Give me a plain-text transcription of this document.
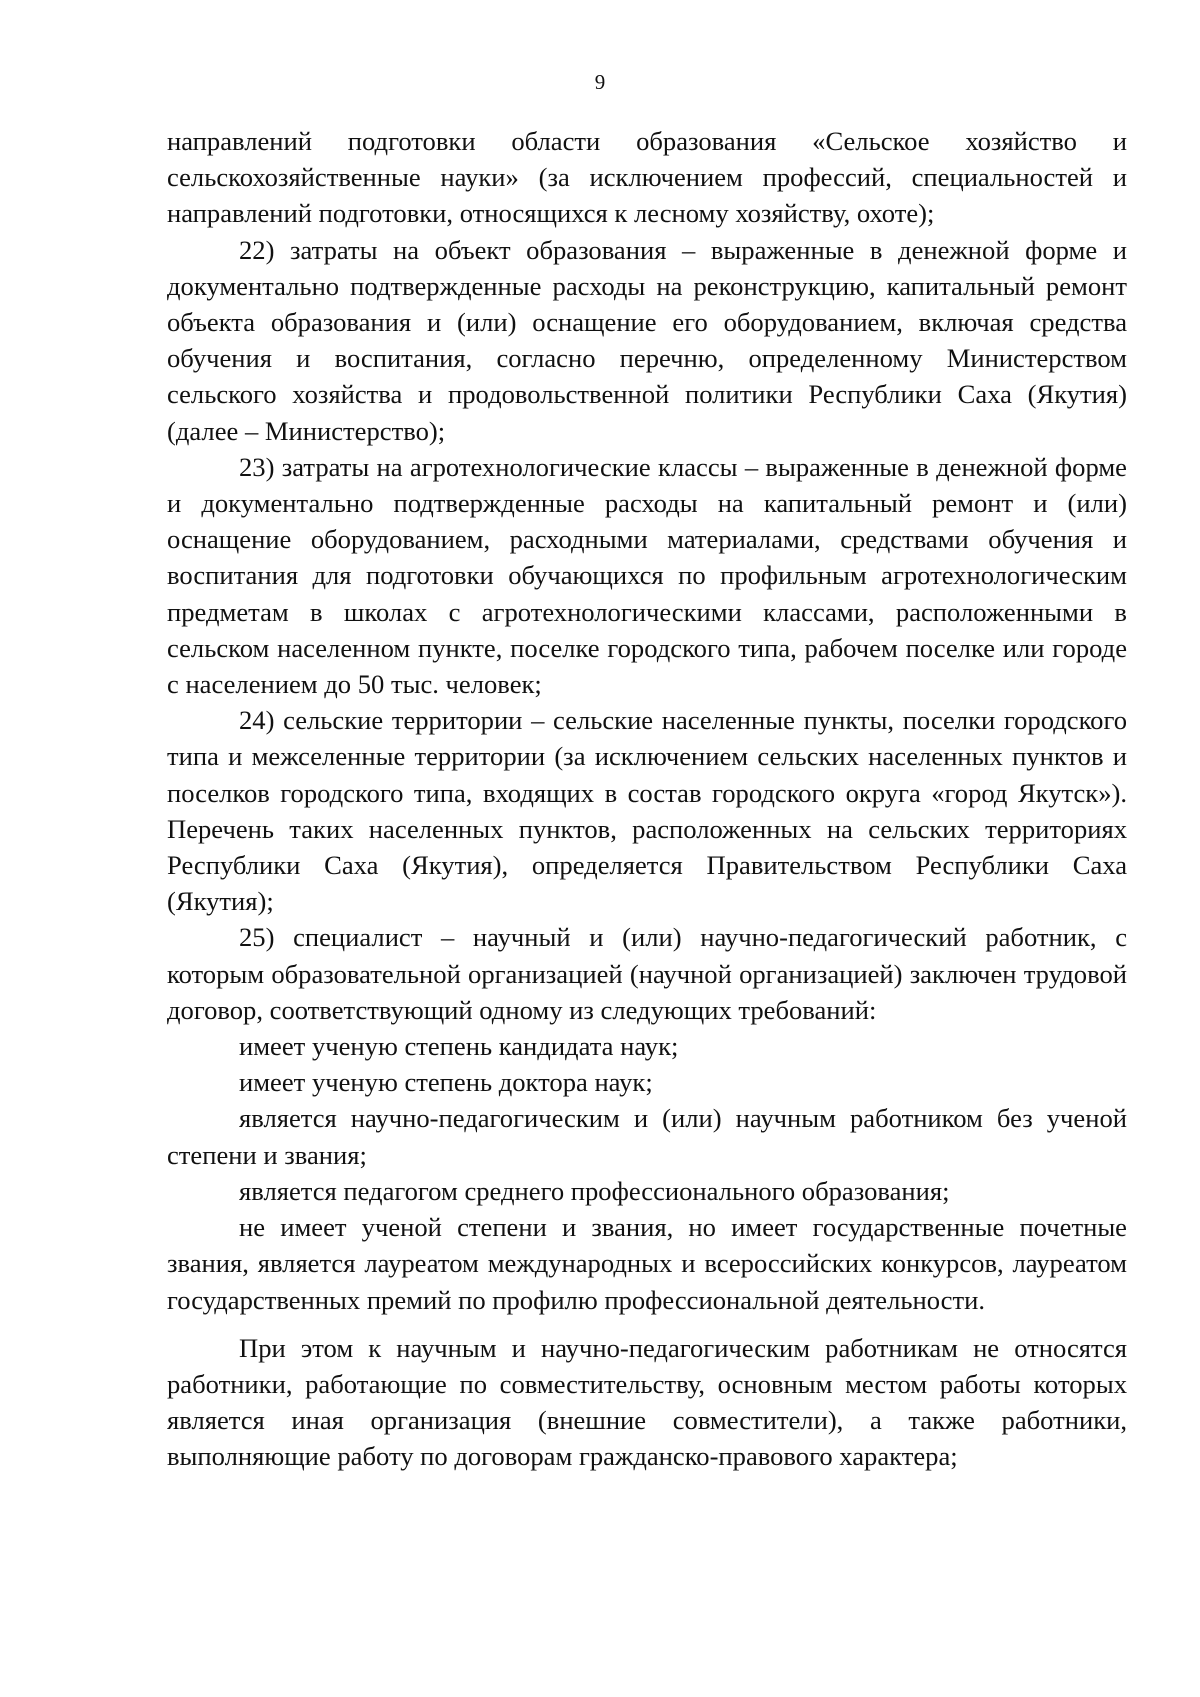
9

направлений подготовки области образования «Сельское хозяйство и сельскохозяйственные науки» (за исключением профессий, специальностей и направлений подготовки, относящихся к лесному хозяйству, охоте);

22) затраты на объект образования – выраженные в денежной форме и документально подтвержденные расходы на реконструкцию, капитальный ремонт объекта образования и (или) оснащение его оборудованием, включая средства обучения и воспитания, согласно перечню, определенному Министерством сельского хозяйства и продовольственной политики Республики Саха (Якутия) (далее – Министерство);

23) затраты на агротехнологические классы – выраженные в денежной форме и документально подтвержденные расходы на капитальный ремонт и (или) оснащение оборудованием, расходными материалами, средствами обучения и воспитания для подготовки обучающихся по профильным агротехнологическим предметам в школах с агротехнологическими классами, расположенными в сельском населенном пункте, поселке городского типа, рабочем поселке или городе с населением до 50 тыс. человек;

24) сельские территории – сельские населенные пункты, поселки городского типа и межселенные территории (за исключением сельских населенных пунктов и поселков городского типа, входящих в состав городского округа «город Якутск»). Перечень таких населенных пунктов, расположенных на сельских территориях Республики Саха (Якутия), определяется Правительством Республики Саха (Якутия);

25) специалист – научный и (или) научно-педагогический работник, с которым образовательной организацией (научной организацией) заключен трудовой договор, соответствующий одному из следующих требований:

имеет ученую степень кандидата наук;

имеет ученую степень доктора наук;

является научно-педагогическим и (или) научным работником без ученой степени и звания;

является педагогом среднего профессионального образования;

не имеет ученой степени и звания, но имеет государственные почетные звания, является лауреатом международных и всероссийских конкурсов, лауреатом государственных премий по профилю профессиональной деятельности.

При этом к научным и научно-педагогическим работникам не относятся работники, работающие по совместительству, основным местом работы которых является иная организация (внешние совместители), а также работники, выполняющие работу по договорам гражданско-правового характера;
